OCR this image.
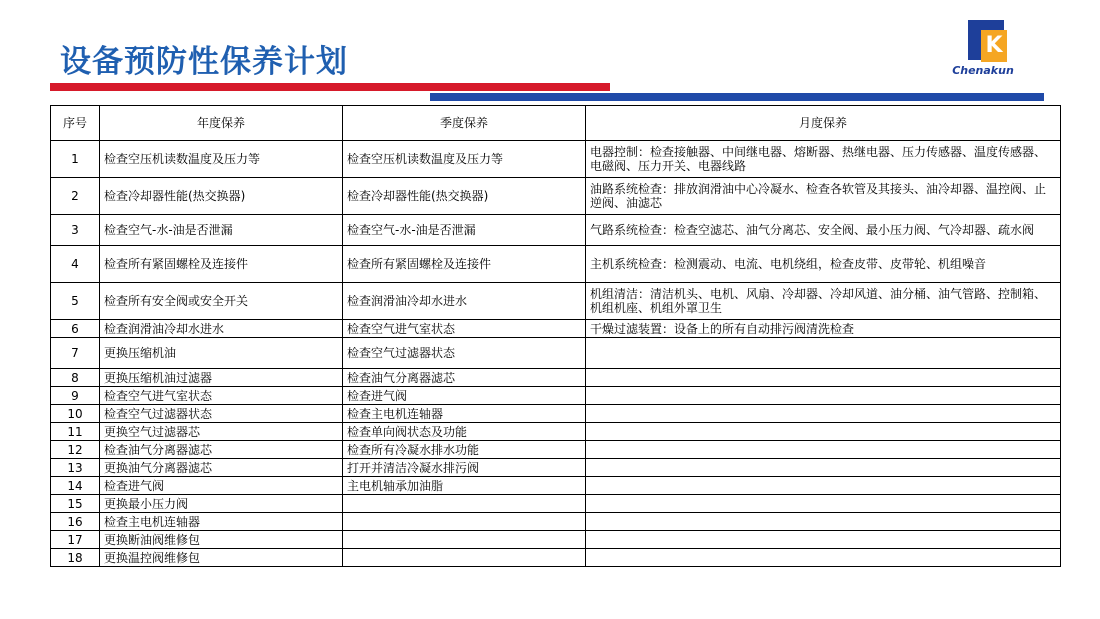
设备预防性保养计划	K
Chenakun
序号	年度保养	季度保养	月度保养
1	检查空压机读数温度及压力等	检查空压机读数温度及压力等	电器控制：检查接触器、中间继电器、熔断器、热继电器、压力传感器、温度传感器、电磁阀、压力开关、电器线路
2	检查冷却器性能(热交换器)	检查冷却器性能(热交换器)	油路系统检查：排放润滑油中心冷凝水、检查各软管及其接头、油冷却器、温控阀、止逆阀、油滤芯
3	检查空气-水-油是否泄漏	检查空气-水-油是否泄漏	气路系统检查：检查空滤芯、油气分离芯、安全阀、最小压力阀、气冷却器、疏水阀
4	检查所有紧固螺栓及连接件	检查所有紧固螺栓及连接件	主机系统检查：检测震动、电流、电机绕组，检查皮带、皮带轮、机组噪音
5	检查所有安全阀或安全开关	检查润滑油冷却水进水	机组清洁：清洁机头、电机、风扇、冷却器、冷却风道、油分桶、油气管路、控制箱、机组机座、机组外罩卫生
6	检查润滑油冷却水进水	检查空气进气室状态	干燥过滤装置：设备上的所有自动排污阀清洗检查
7	更换压缩机油	检查空气过滤器状态	
8	更换压缩机油过滤器	检查油气分离器滤芯	
9	检查空气进气室状态	检查进气阀	
10	检查空气过滤器状态	检查主电机连轴器	
11	更换空气过滤器芯	检查单向阀状态及功能	
12	检查油气分离器滤芯	检查所有冷凝水排水功能	
13	更换油气分离器滤芯	打开并清洁冷凝水排污阀	
14	检查进气阀	主电机轴承加油脂	
15	更换最小压力阀		
16	检查主电机连轴器		
17	更换断油阀维修包		
18	更换温控阀维修包		
